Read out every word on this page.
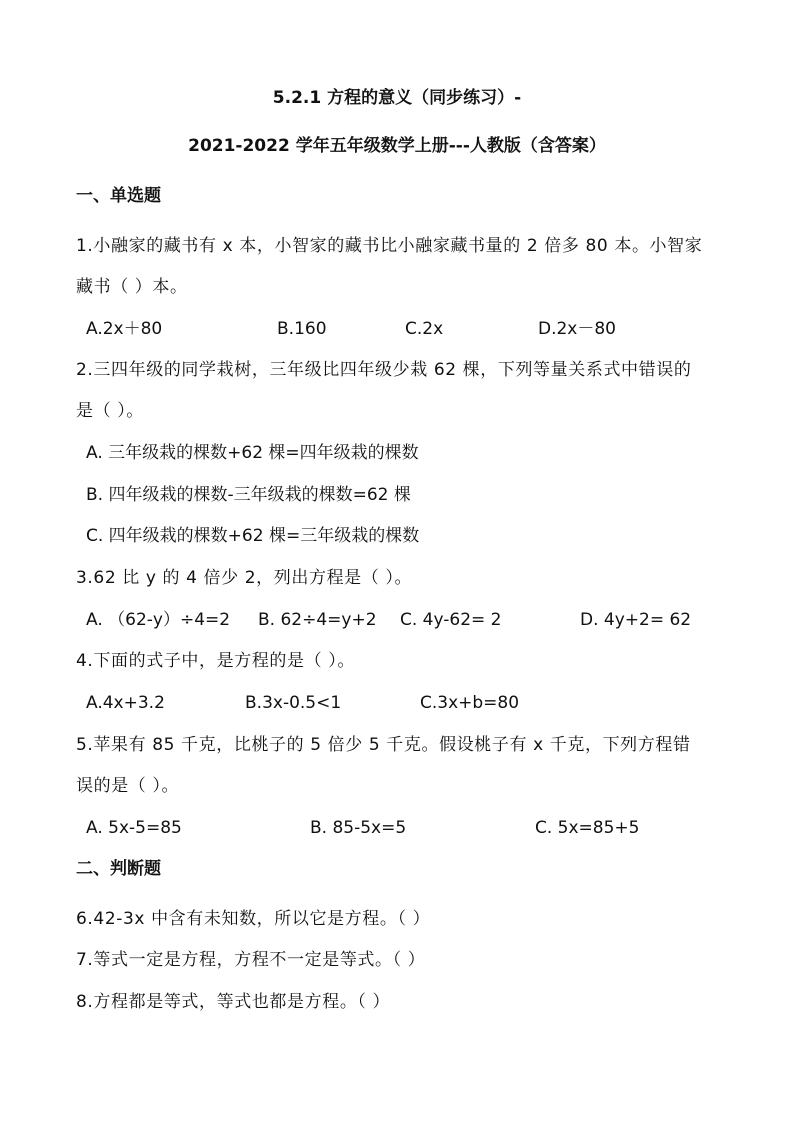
5.2.1 方程的意义（同步练习）-
2021-2022 学年五年级数学上册---人教版（含答案）
一、单选题
1.小融家的藏书有 x 本，小智家的藏书比小融家藏书量的 2 倍多 80 本。小智家
藏书（ ）本。
A.2x＋80	B.160	C.2x	D.2x－80
2.三四年级的同学栽树，三年级比四年级少栽 62 棵，下列等量关系式中错误的
是（ ）。
A. 三年级栽的棵数+62 棵=四年级栽的棵数
B. 四年级栽的棵数-三年级栽的棵数=62 棵
C. 四年级栽的棵数+62 棵=三年级栽的棵数
3.62 比 y 的 4 倍少 2，列出方程是（ ）。
A. （62-y）÷4=2 B. 62÷4=y+2 C. 4y-62= 2	D. 4y+2= 62
4.下面的式子中，是方程的是（ ）。
A.4x+3.2	B.3x-0.5<1	C.3x+b=80
5.苹果有 85 千克，比桃子的 5 倍少 5 千克。假设桃子有 x 千克，下列方程错
误的是（ ）。
A. 5x-5=85	B. 85-5x=5	C. 5x=85+5
二、判断题
6.42-3x 中含有未知数，所以它是方程。（ ）
7.等式一定是方程，方程不一定是等式。（ ）
8.方程都是等式，等式也都是方程。（ ）
